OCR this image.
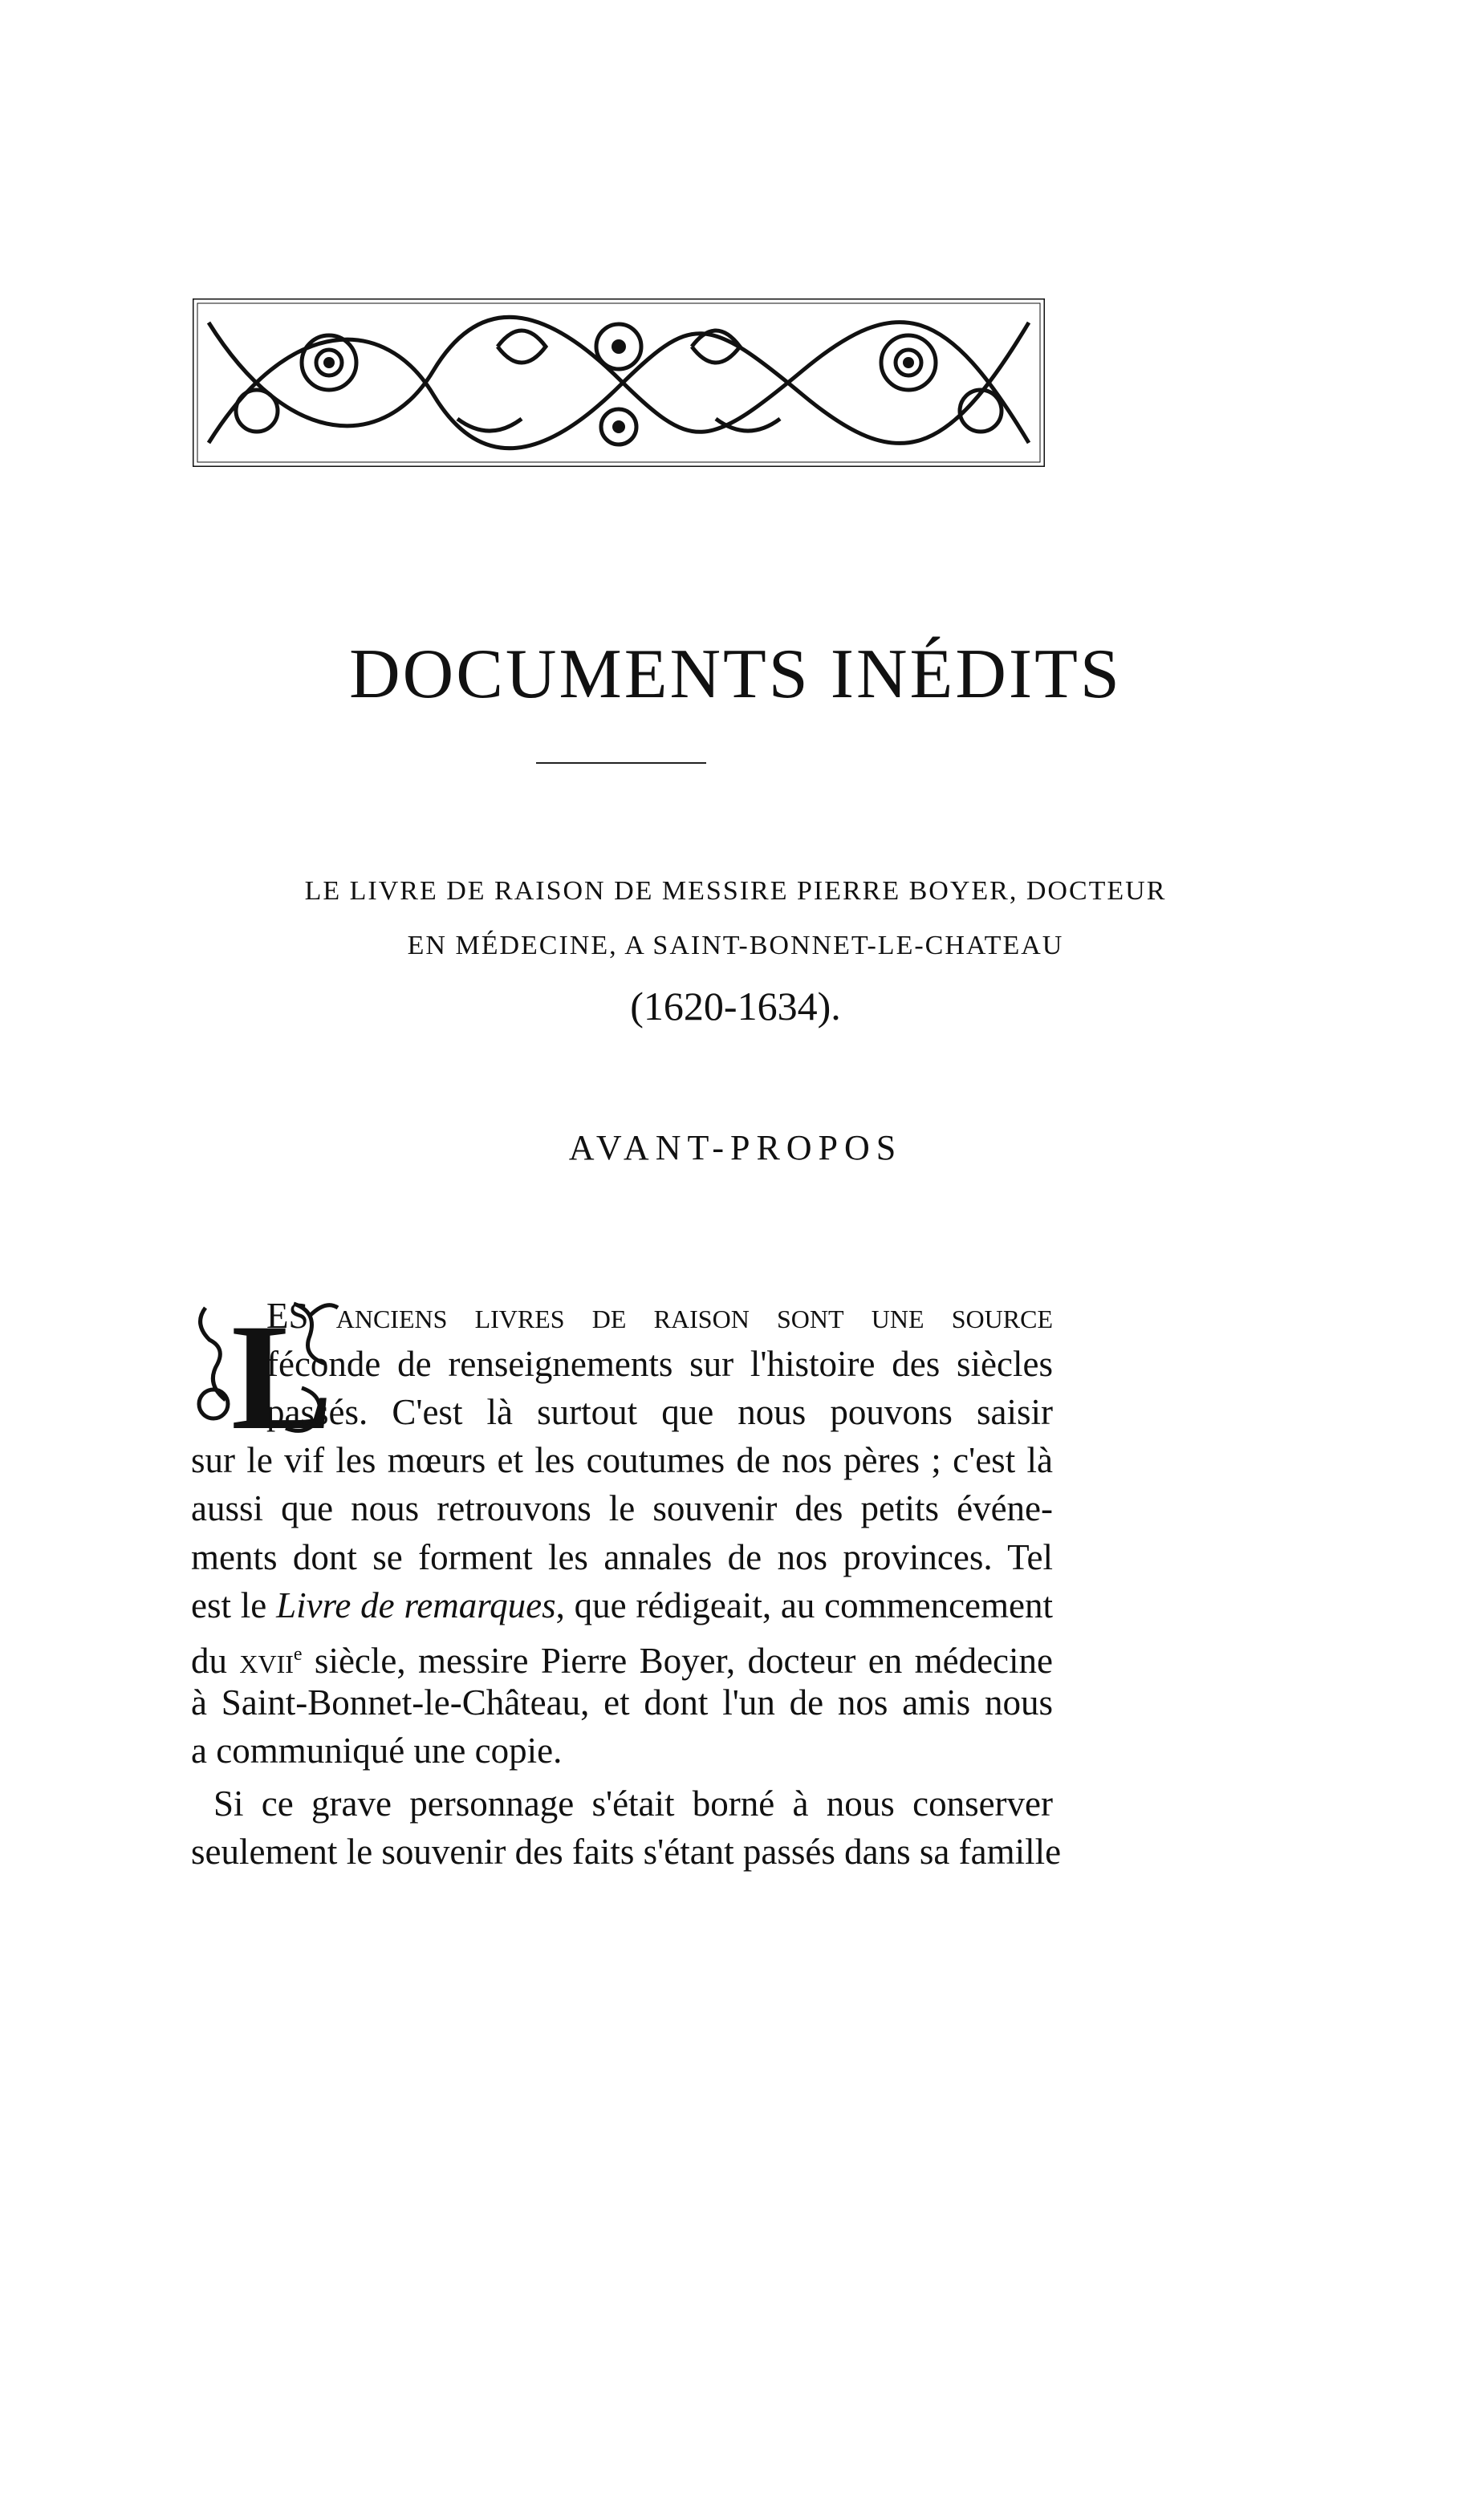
DOCUMENTS INÉDITS
LE LIVRE DE RAISON DE MESSIRE PIERRE BOYER, DOCTEUR
EN MÉDECINE, A SAINT-BONNET-LE-CHATEAU
(1620-1634).
AVANT-PROPOS
L
ES anciens livres de raison sont une source
féconde de renseignements sur l'histoire des siècles
passés. C'est là surtout que nous pouvons saisir
sur le vif les mœurs et les coutumes de nos pères ; c'est là
aussi que nous retrouvons le souvenir des petits événe-
ments dont se forment les annales de nos provinces. Tel
est le Livre de remarques, que rédigeait, au commencement
du xvii$^e$ siècle, messire Pierre Boyer, docteur en médecine
à Saint-Bonnet-le-Château, et dont l'un de nos amis nous
a communiqué une copie.
Si ce grave personnage s'était borné à nous conserver
seulement le souvenir des faits s'étant passés dans sa famille
